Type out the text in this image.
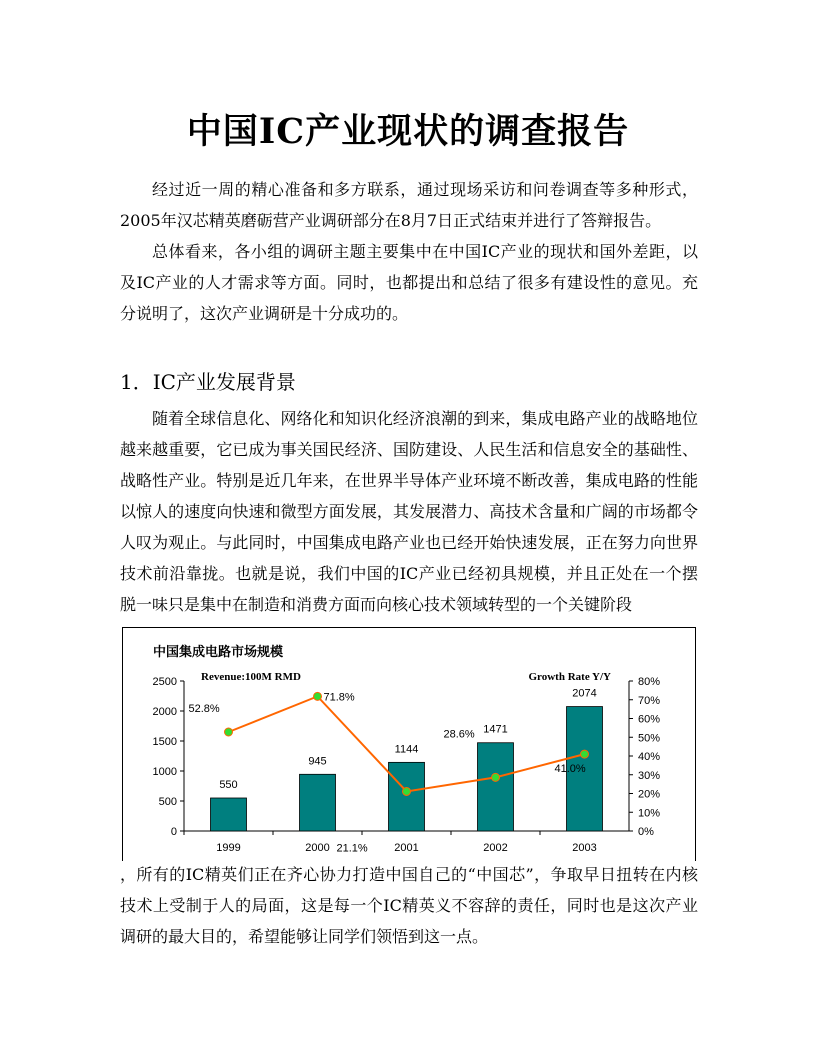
中国IC产业现状的调查报告

经过近一周的精心准备和多方联系，通过现场采访和问卷调查等多种形式，2005年汉芯精英磨砺营产业调研部分在8月7日正式结束并进行了答辩报告。

总体看来，各小组的调研主题主要集中在中国IC产业的现状和国外差距，以及IC产业的人才需求等方面。同时，也都提出和总结了很多有建设性的意见。充分说明了，这次产业调研是十分成功的。

1．IC产业发展背景

随着全球信息化、网络化和知识化经济浪潮的到来，集成电路产业的战略地位越来越重要，它已成为事关国民经济、国防建设、人民生活和信息安全的基础性、战略性产业。特别是近几年来，在世界半导体产业环境不断改善，集成电路的性能以惊人的速度向快速和微型方面发展，其发展潜力、高技术含量和广阔的市场都令人叹为观止。与此同时，中国集成电路产业也已经开始快速发展，正在努力向世界技术前沿靠拢。也就是说，我们中国的IC产业已经初具规模，并且正处在一个摆脱一味只是集中在制造和消费方面而向核心技术领域转型的一个关键阶段

中国集成电路市场规模
Revenue:100M RMD	Growth Rate Y/Y
0
500
1000
1500
2000
2500
0%
10%
20%
30%
40%
50%
60%
70%
80%
550
1999
945
2000
1144
2001
1471
2002
2074
2003
52.8%
71.8%
21.1%
28.6%
41.0%

，所有的IC精英们正在齐心协力打造中国自己的“中国芯”，争取早日扭转在内核技术上受制于人的局面，这是每一个IC精英义不容辞的责任，同时也是这次产业调研的最大目的，希望能够让同学们领悟到这一点。
